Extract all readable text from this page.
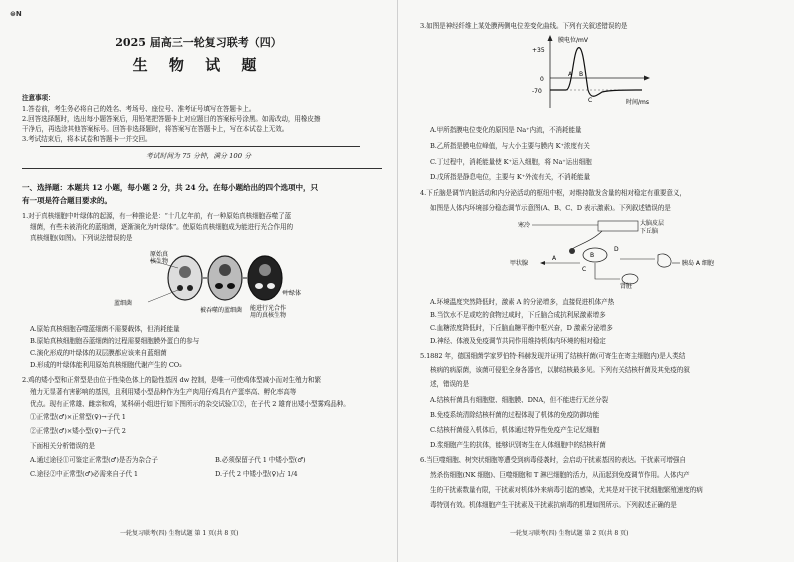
⊜N
2025 届高三一轮复习联考（四）
生 物 试 题
注意事项：
1.答卷前，考生务必将自己的姓名、考场号、座位号、准考证号填写在答题卡上。
2.回答选择题时，选出每小题答案后，用铅笔把答题卡上对应题目的答案标号涂黑。如需改动，用橡皮擦
干净后，再选涂其他答案标号。回答非选择题时，将答案写在答题卡上，写在本试卷上无效。
3.考试结束后，将本试卷和答题卡一并交回。
考试时间为 75 分钟，满分 100 分
一、选择题：本题共 12 小题，每小题 2 分，共 24 分。在每小题给出的四个选项中，只
有一项是符合题目要求的。
1.对于真核细胞中叶绿体的起源，有一种推论是：“十几亿年前，有一种原始真核细胞吞噬了蓝
细菌，有些未被消化的蓝细菌，逐渐演化为叶绿体”。使原始真核细胞成为能进行光合作用的
真核细胞(如图)。下列说法错误的是
原始真
核生物
蓝细菌
叶绿体
被吞噬的蓝细菌 能进行光合作
用的真核生物
A.原始真核细胞吞噬蓝细菌不需要载体，但消耗能量
B.原始真核细胞胞吞蓝细菌的过程需要细胞膜外蛋白的参与
C.演化形成的叶绿体的双层膜都应该来自蓝细菌
D.形成的叶绿体能利用原始真核细胞代谢产生的 CO₂
2.鸡的矮小型和正常型是由位于性染色体上的隐性基因 dw 控制，是唯一可使鸡体型减小而对生殖力和繁
殖力无显著有害影响的基因，且利用矮小型品种作为生产肉用仔鸡具有产蛋率高、孵化率高等
优点。现有正常雄、雌亲和鸡，某科研小组进行如下图所示的杂交试验①②，在子代 2 雄育出矮小型雾鸡品种。
①正常型(♂)×正常型(♀)→子代 1
②正常型(♂)×矮小型(♀)→子代 2
下面相关分析错误的是
A.通过途径①可鉴定正常型(♂)是否为杂合子	B.必须保留子代 1 中矮小型(♂)
C.途径②中正常型(♂)必需来自子代 1	D.子代 2 中矮小型(♀)占 1/4
一轮复习联考(四) 生物试题 第 1 页(共 8 页)
3.如图是神经纤维上某处膜两侧电位差变化曲线。下列有关叙述错误的是
膜电位/mV
+35
0
-70
时间/ms
A B
C
A.甲所指膜电位变化的原因是 Na⁺内流，不消耗能量
B.乙所指是膜电位峰值，与大小主要与膜内 K⁺浓度有关
C.丁过程中，消耗能量使 K⁺运入细胞，将 Na⁺运出细胞
D.戊所指是静息电位，主要与 K⁺外流有关，不消耗能量
4.下丘脑是调节内脏活动和内分泌活动的枢纽中枢，对维持散发含量的相对稳定有重要意义，
如图是人体内环境部分稳态调节示意图(A、B、C、D 表示激素)。下列叙述错误的是
大脑皮层
下丘脑
寒冷
B
C
D
甲状腺
A
胰岛 A 细胞
肾脏
A.环境温度突然降低时，激素 A 的分泌增多，直接促进机体产热
B.当饮水不足或吃的食物过咸时，下丘脑合成抗利尿激素增多
C.血糖浓度降低时，下丘脑血糖平衡中枢兴奋，D 激素分泌增多
D.神经、体液及免疫调节共同作用维持机体内环境的相对稳定
5.1882 年，德国细菌学家罗伯特·科赫发现并证明了结核杆菌(可寄生在寄主细胞内)是人类结
核病的病原菌，该菌可侵犯全身各器官，以肺结核最多见。下列有关结核杆菌及其免疫的叙
述，错误的是
A.结核杆菌具有细胞壁、细胞膜、DNA，但不能进行无丝分裂
B.免疫系统清除结核杆菌的过程体现了机体的免疫防御功能
C.结核杆菌侵入机体后，机体通过特异性免疫产生记忆细胞
D.浆细胞产生的抗体，能够识别寄生在人体细胞中的结核杆菌
6.当巨噬细胞、树突状细胞等遭受到病毒侵袭时，会启动干扰素基因的表达。干扰素可增强自
然杀伤细胞(NK 细胞)、巨噬细胞和 T 淋巴细胞的活力，从而起到免疫调节作用。人体内产
生的干扰素数量有限，干扰素对机体外来病毒引起的感染，尤其是对干扰干扰细胞繁殖速度的病
毒特别有效。机体细胞产生干扰素及干扰素抗病毒的机理如图所示。下列叙述正确的是
一轮复习联考(四) 生物试题 第 2 页(共 8 页)
